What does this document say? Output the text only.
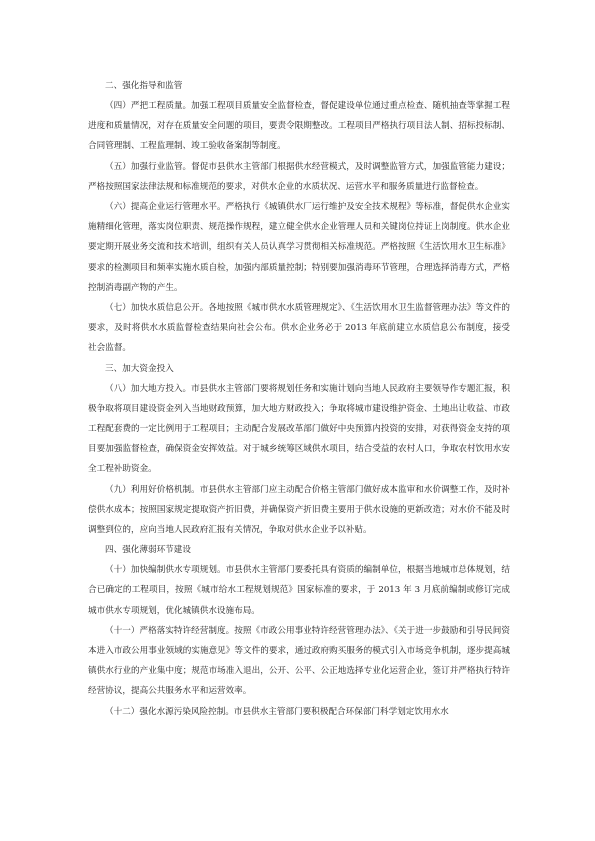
二、强化指导和监管

（四）严把工程质量。加强工程项目质量安全监督检查，督促建设单位通过重点检查、随机抽查等掌握工程进度和质量情况，对存在质量安全问题的项目，要责令限期整改。工程项目严格执行项目法人制、招标投标制、合同管理制、工程监理制、竣工验收备案制等制度。

（五）加强行业监管。督促市县供水主管部门根据供水经营模式，及时调整监管方式，加强监管能力建设；严格按照国家法律法规和标准规范的要求，对供水企业的水质状况、运营水平和服务质量进行监督检查。

（六）提高企业运行管理水平。严格执行《城镇供水厂运行维护及安全技术规程》等标准，督促供水企业实施精细化管理，落实岗位职责、规范操作规程，建立健全供水企业管理人员和关键岗位持证上岗制度。供水企业要定期开展业务交流和技术培训，组织有关人员认真学习贯彻相关标准规范。严格按照《生活饮用水卫生标准》要求的检测项目和频率实施水质自检，加强内部质量控制；特别要加强消毒环节管理，合理选择消毒方式，严格控制消毒副产物的产生。

（七）加快水质信息公开。各地按照《城市供水水质管理规定》、《生活饮用水卫生监督管理办法》等文件的要求，及时将供水水质监督检查结果向社会公布。供水企业务必于 2013 年底前建立水质信息公布制度，接受社会监督。

三、加大资金投入

（八）加大地方投入。市县供水主管部门要将规划任务和实施计划向当地人民政府主要领导作专题汇报，积极争取将项目建设资金列入当地财政预算，加大地方财政投入；争取将城市建设维护资金、土地出让收益、市政工程配套费的一定比例用于工程项目；主动配合发展改革部门做好中央预算内投资的安排，对获得资金支持的项目要加强监督检查，确保资金安挥效益。对于城乡统筹区域供水项目，结合受益的农村人口，争取农村饮用水安全工程补助资金。

（九）利用好价格机制。市县供水主管部门应主动配合价格主管部门做好成本监审和水价调整工作，及时补偿供水成本；按照国家规定提取资产折旧费，并确保资产折旧费主要用于供水设施的更新改造；对水价不能及时调整到位的，应向当地人民政府汇报有关情况，争取对供水企业予以补贴。

四、强化薄弱环节建设

（十）加快编制供水专项规划。市县供水主管部门要委托具有资质的编制单位，根据当地城市总体规划，结合已确定的工程项目，按照《城市给水工程规划规范》国家标准的要求，于 2013 年 3 月底前编制或修订完成城市供水专项规划，优化城镇供水设施布局。

（十一）严格落实特许经营制度。按照《市政公用事业特许经营管理办法》、《关于进一步鼓励和引导民间资本进入市政公用事业领域的实施意见》等文件的要求，通过政府购买服务的模式引入市场竞争机制，逐步提高城镇供水行业的产业集中度；规范市场准入退出，公开、公平、公正地选择专业化运营企业，签订并严格执行特许经营协议，提高公共服务水平和运营效率。

（十二）强化水源污染风险控制。市县供水主管部门要积极配合环保部门科学划定饮用水水
